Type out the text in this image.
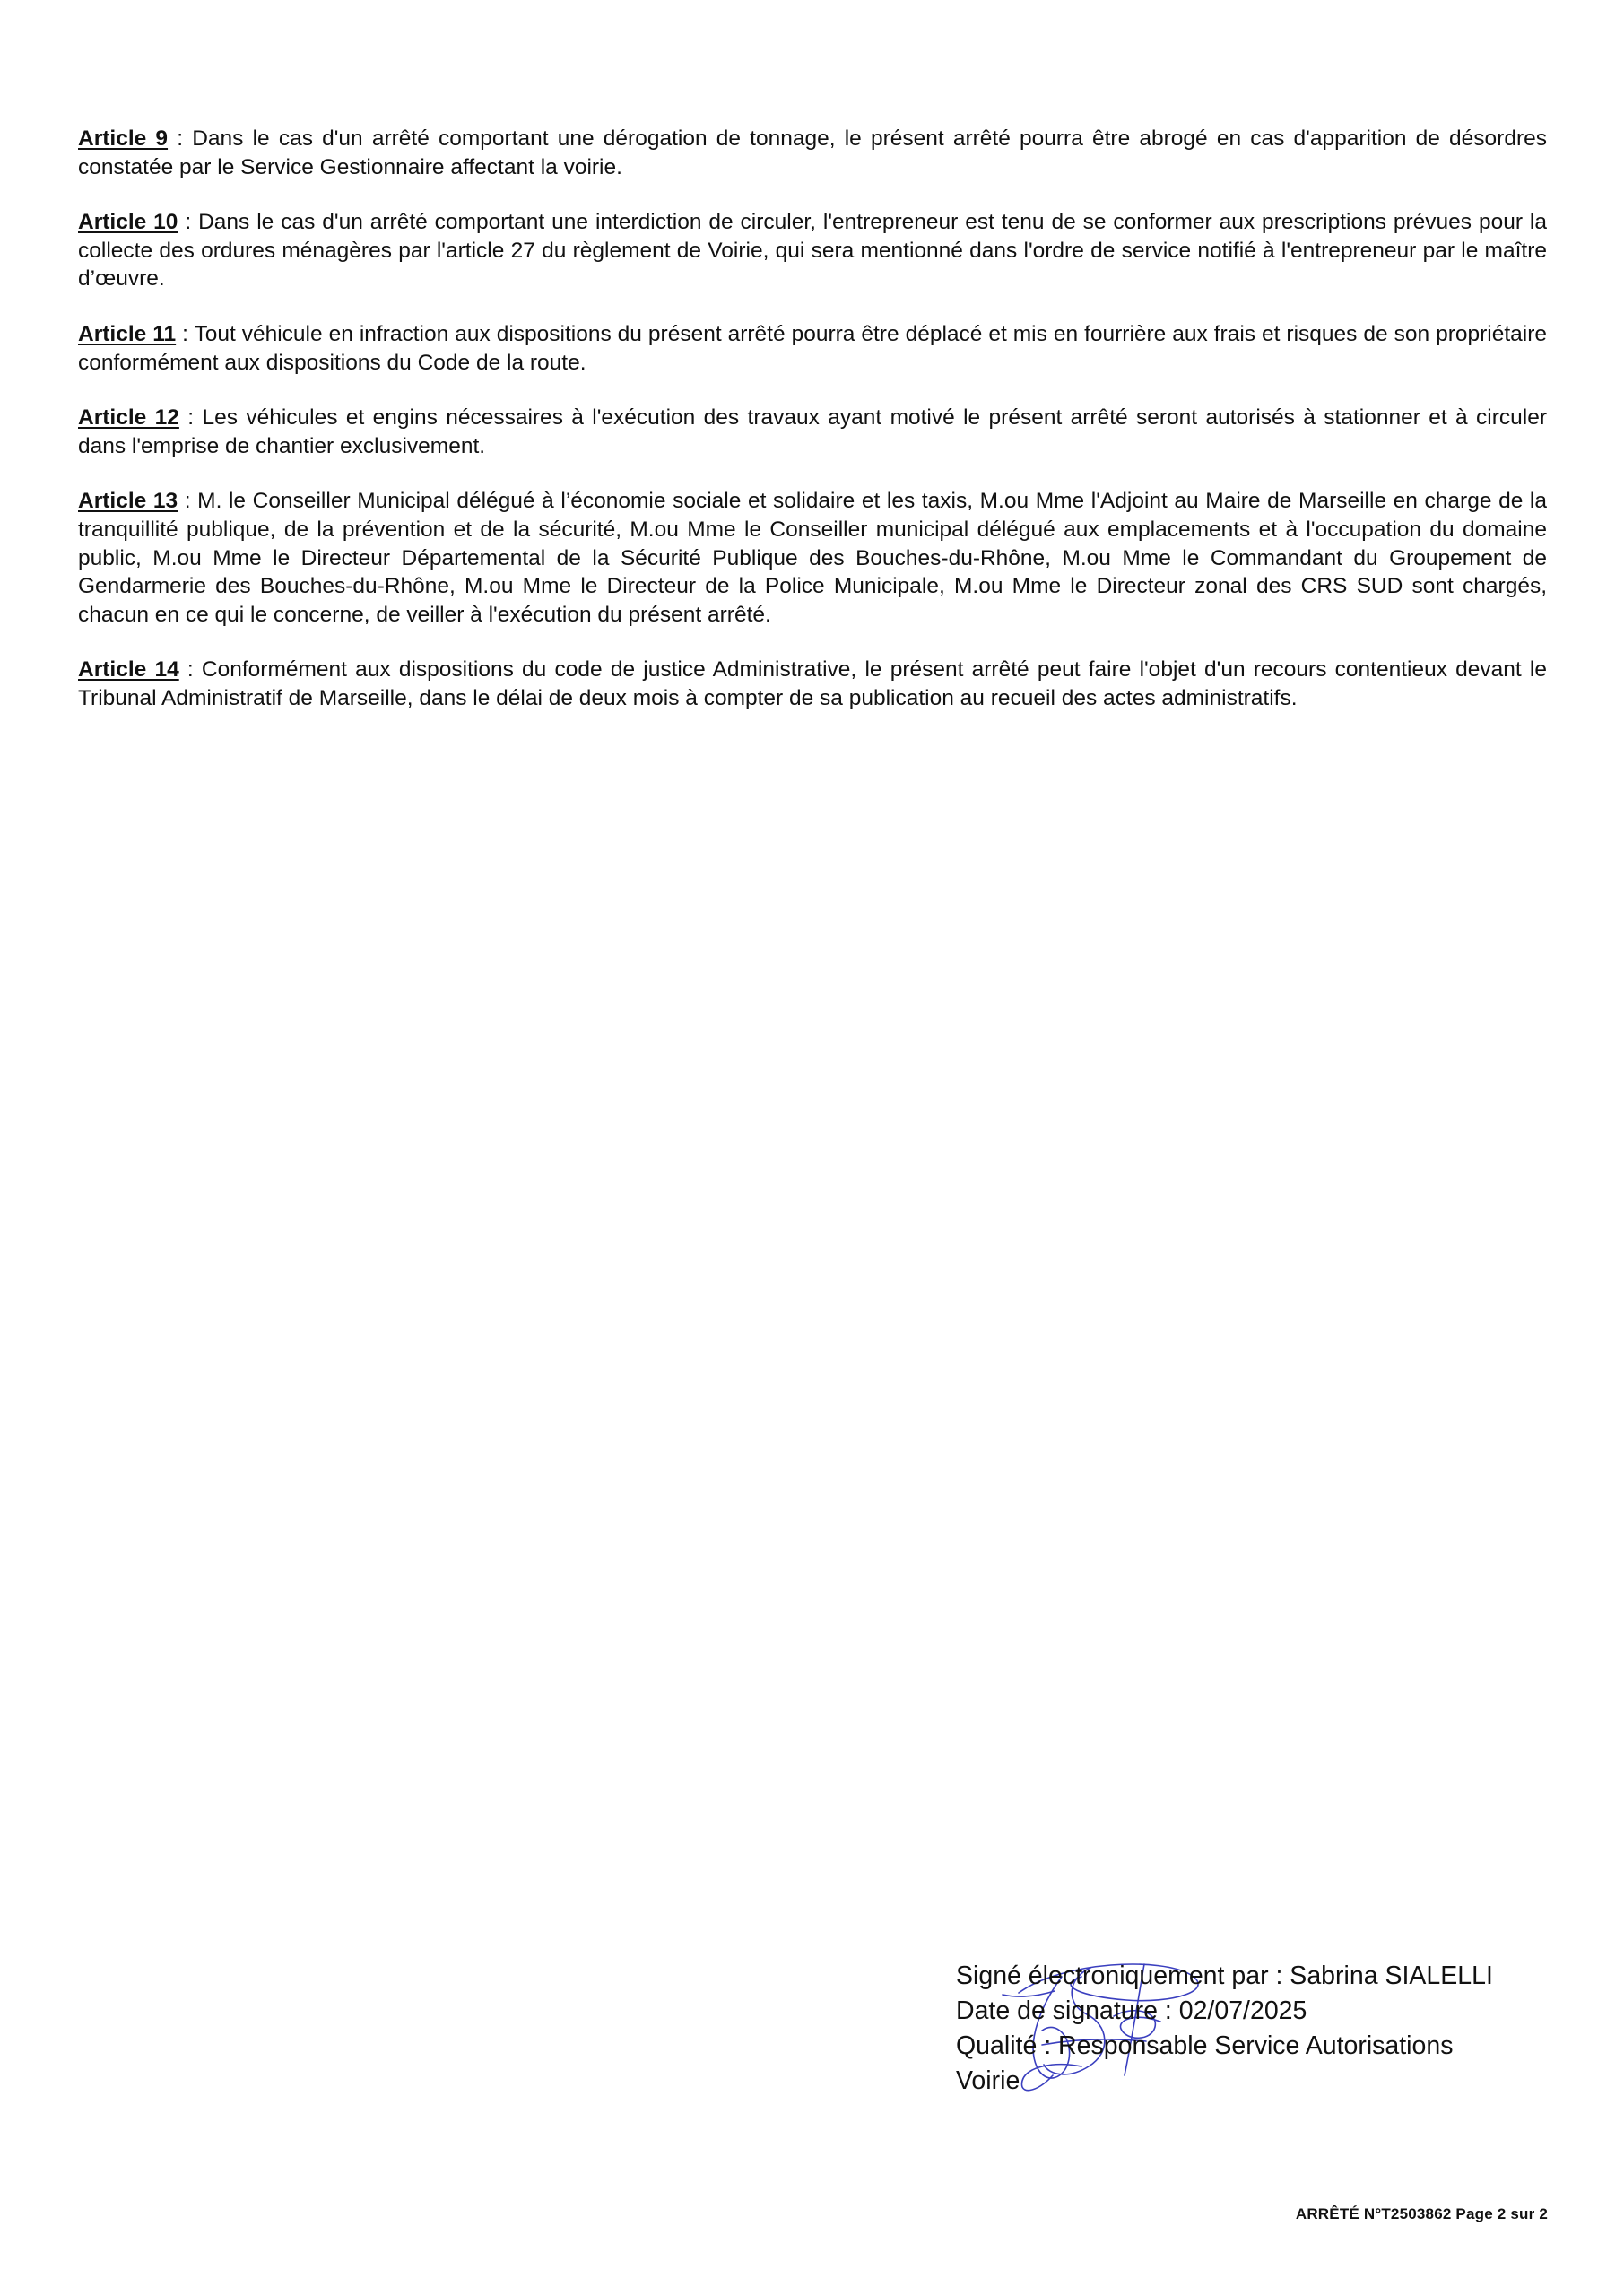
Article 9 : Dans le cas d'un arrêté comportant une dérogation de tonnage, le présent arrêté pourra être abrogé en cas d'apparition de désordres constatée par le Service Gestionnaire affectant la voirie.

Article 10 : Dans le cas d'un arrêté comportant une interdiction de circuler, l'entrepreneur est tenu de se conformer aux prescriptions prévues pour la collecte des ordures ménagères par l'article 27 du règlement de Voirie, qui sera mentionné dans l'ordre de service notifié à l'entrepreneur par le maître d’œuvre.

Article 11 : Tout véhicule en infraction aux dispositions du présent arrêté pourra être déplacé et mis en fourrière aux frais et risques de son propriétaire conformément aux dispositions du Code de la route.

Article 12 : Les véhicules et engins nécessaires à l'exécution des travaux ayant motivé le présent arrêté seront autorisés à stationner et à circuler dans l'emprise de chantier exclusivement.

Article 13 : M. le Conseiller Municipal délégué à l’économie sociale et solidaire et les taxis, M.ou Mme l'Adjoint au Maire de Marseille en charge de la tranquillité publique, de la prévention et de la sécurité, M.ou Mme le Conseiller municipal délégué aux emplacements et à l'occupation du domaine public, M.ou Mme le Directeur Départemental de la Sécurité Publique des Bouches-du-Rhône, M.ou Mme le Commandant du Groupement de Gendarmerie des Bouches-du-Rhône, M.ou Mme le Directeur de la Police Municipale, M.ou Mme le Directeur zonal des CRS SUD sont chargés, chacun en ce qui le concerne, de veiller à l'exécution du présent arrêté.

Article 14 : Conformément aux dispositions du code de justice Administrative, le présent arrêté peut faire l'objet d'un recours contentieux devant le Tribunal Administratif de Marseille, dans le délai de deux mois à compter de sa publication au recueil des actes administratifs.

Signé électroniquement par : Sabrina SIALELLI
Date de signature : 02/07/2025
Qualité : Responsable Service Autorisations
Voirie
ARRÊTÉ N°T2503862 Page 2 sur 2
